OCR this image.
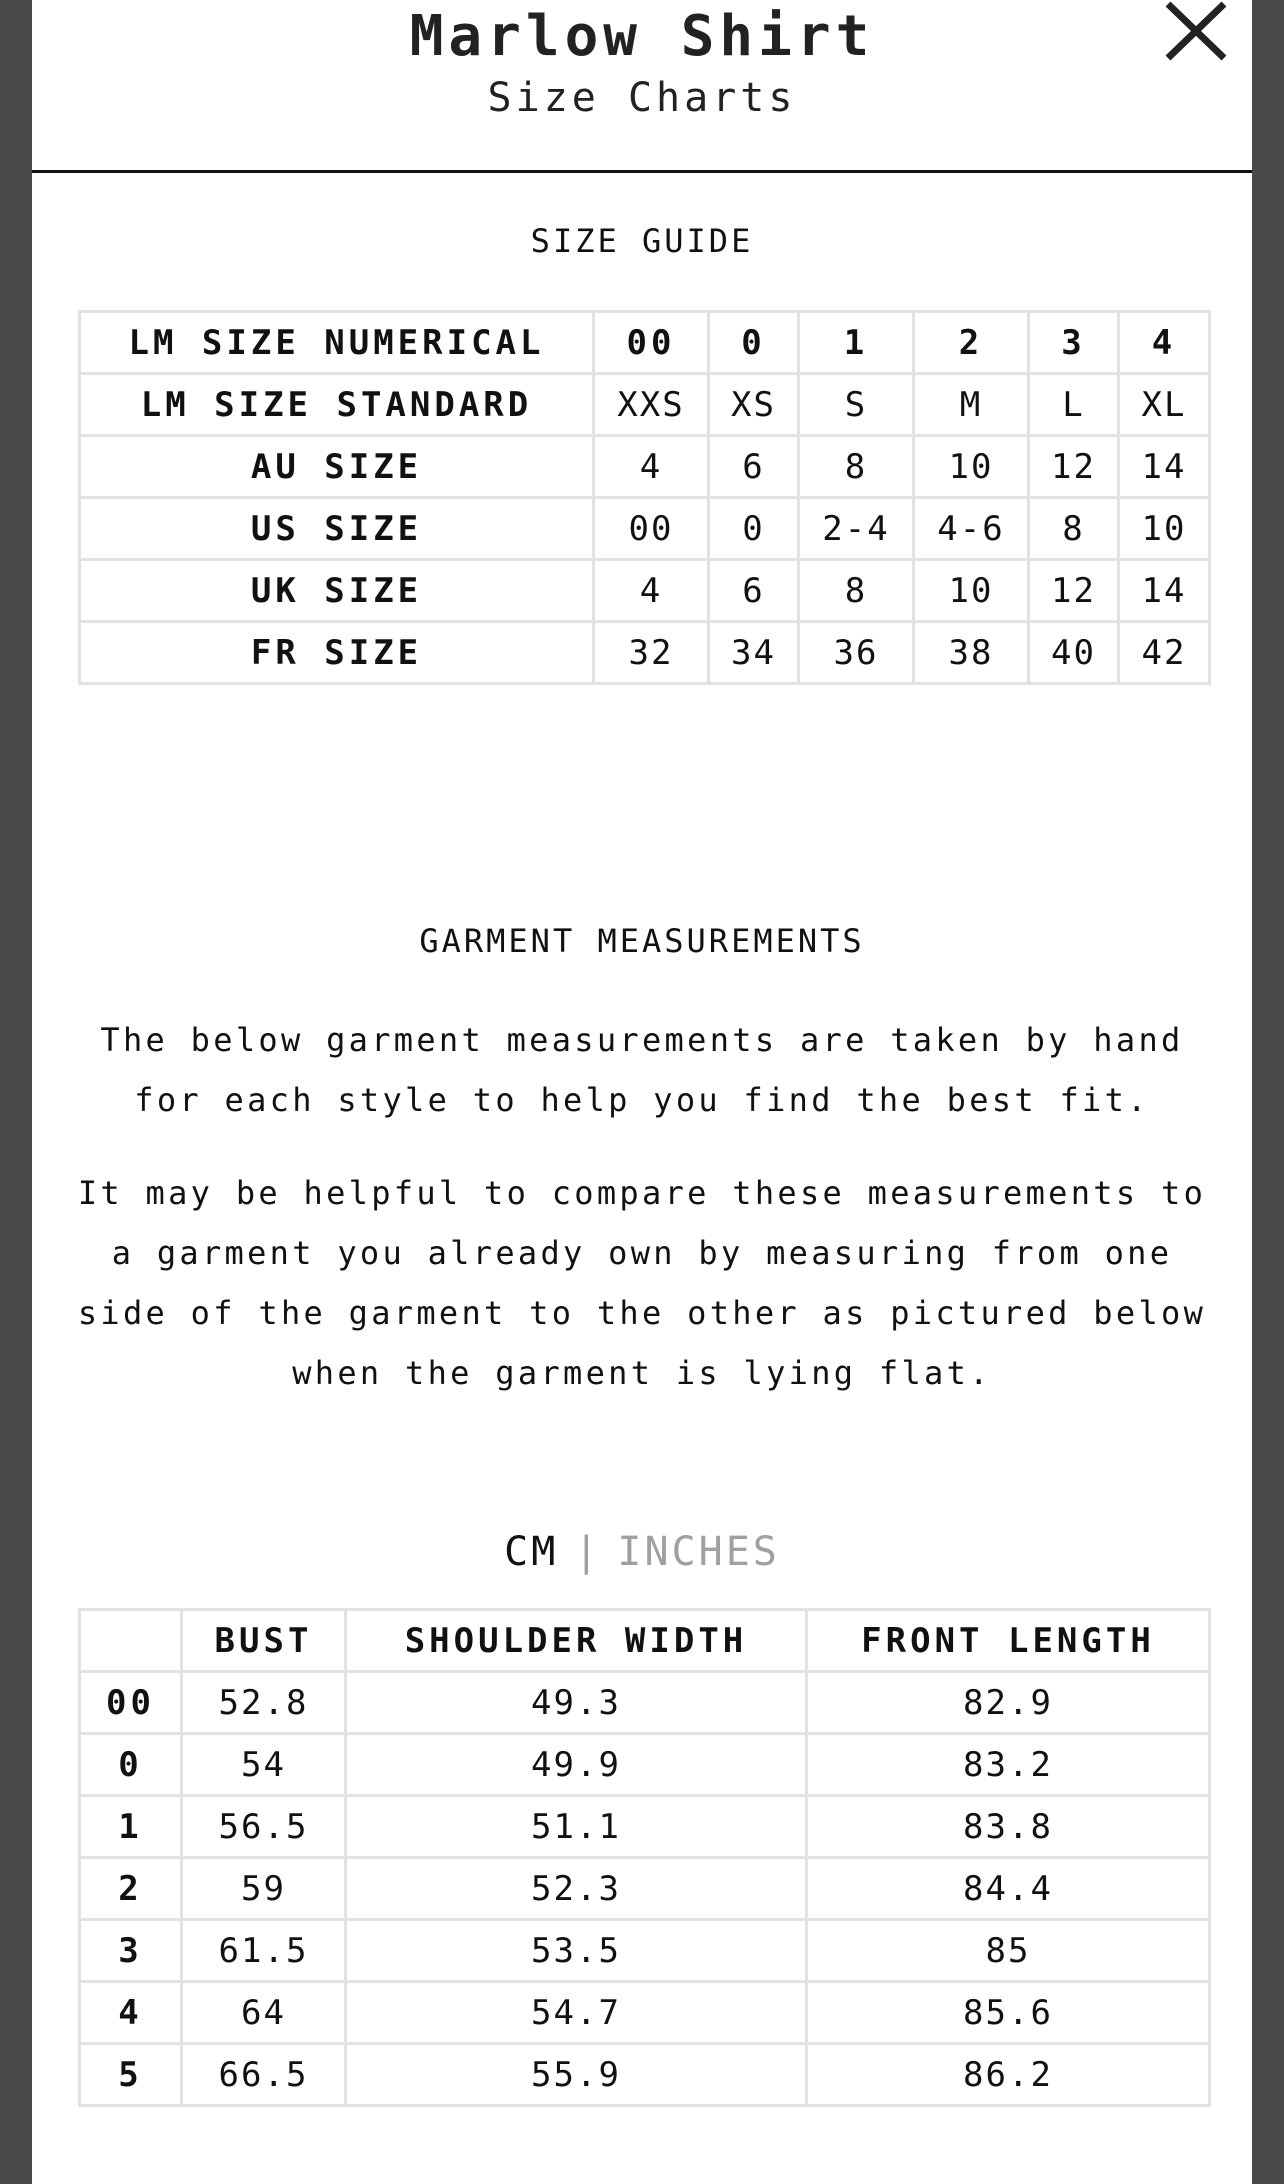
Marlow Shirt
Size Charts
SIZE GUIDE
LM SIZE NUMERICAL	00	0	1	2	3	4
LM SIZE STANDARD	XXS	XS	S	M	L	XL
AU SIZE	4	6	8	10	12	14
US SIZE	00	0	2-4	4-6	8	10
UK SIZE	4	6	8	10	12	14
FR SIZE	32	34	36	38	40	42
GARMENT MEASUREMENTS
The below garment measurements are taken by hand for each style to help you find the best fit.
It may be helpful to compare these measurements to a garment you already own by measuring from one side of the garment to the other as pictured below when the garment is lying flat.
CM | INCHES
	BUST	SHOULDER WIDTH	FRONT LENGTH
00	52.8	49.3	82.9
0	54	49.9	83.2
1	56.5	51.1	83.8
2	59	52.3	84.4
3	61.5	53.5	85
4	64	54.7	85.6
5	66.5	55.9	86.2
